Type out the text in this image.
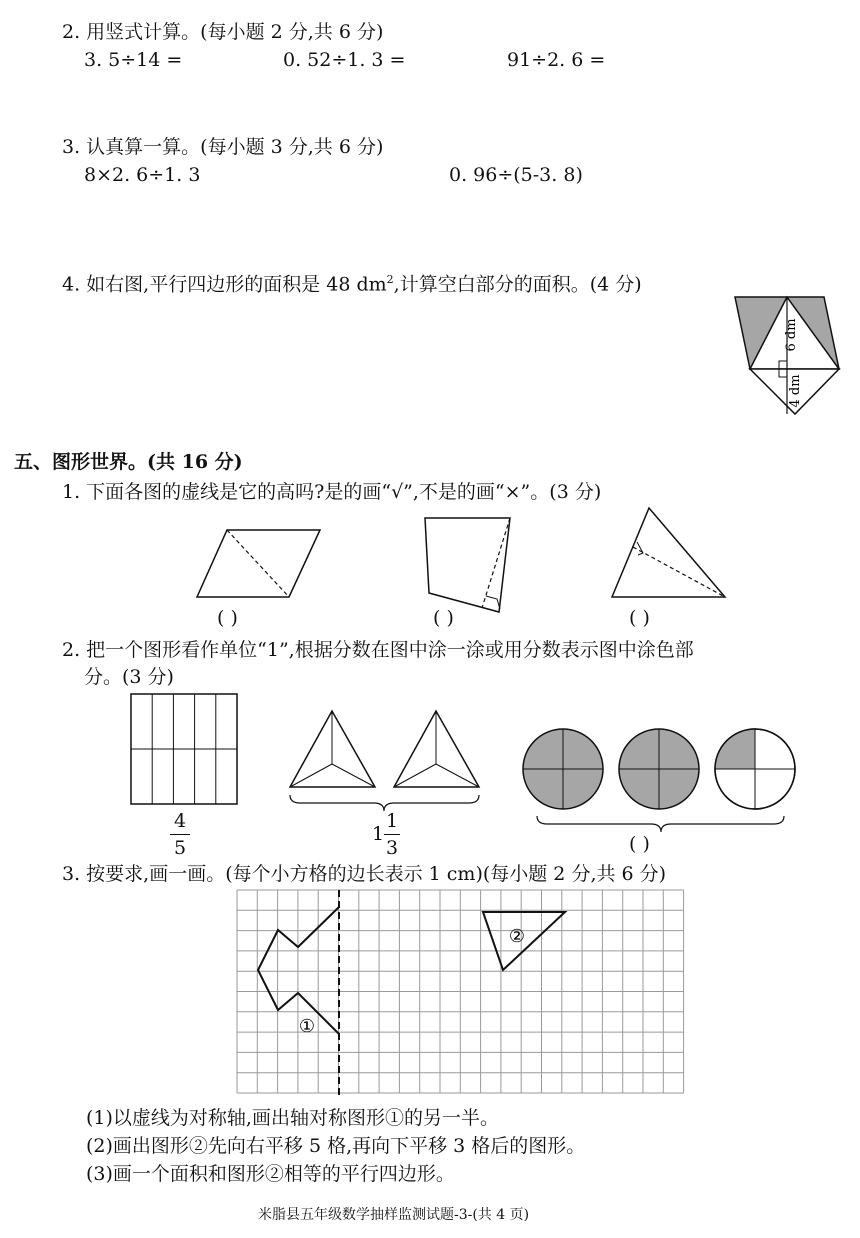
2. 用竖式计算。(每小题 2 分,共 6 分)
3. 5÷14 =	0. 52÷1. 3 =	91÷2. 6 =
3. 认真算一算。(每小题 3 分,共 6 分)
8×2. 6÷1. 3	0. 96÷(5-3. 8)
4. 如右图,平行四边形的面积是 48 $dm^2$,计算空白部分的面积。(4 分)
6 dm
4 dm
五、图形世界。(共 16 分)
1. 下面各图的虚线是它的高吗?是的画“√”,不是的画“×”。(3 分)
( )	( )	( )
2. 把一个图形看作单位“1”,根据分数在图中涂一涂或用分数表示图中涂色部
分。(3 分)
4
5
1
1
3	( )
3. 按要求,画一画。(每个小方格的边长表示 1 cm)(每小题 2 分,共 6 分)
①
②
(1)以虚线为对称轴,画出轴对称图形①的另一半。
(2)画出图形②先向右平移 5 格,再向下平移 3 格后的图形。
(3)画一个面积和图形②相等的平行四边形。
米脂县五年级数学抽样监测试题-3-(共 4 页)
